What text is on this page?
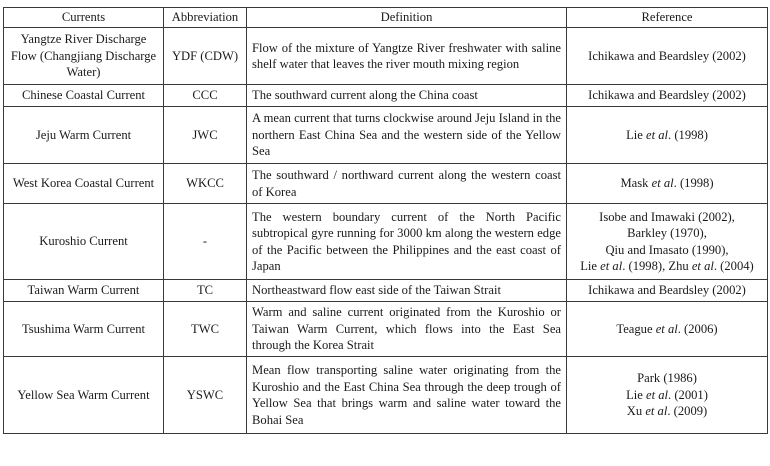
Currents	Abbreviation	Definition	Reference
Yangtze River Discharge Flow (Changjiang Discharge Water)	YDF (CDW)	Flow of the mixture of Yangtze River freshwater with saline shelf water that leaves the river mouth mixing region	Ichikawa and Beardsley (2002)

Chinese Coastal Current	CCC	The southward current along the China coast	Ichikawa and Beardsley (2002)

Jeju Warm Current	JWC	A mean current that turns clockwise around Jeju Island in the northern East China Sea and the western side of the Yellow Sea	Lie et al. (1998)

West Korea Coastal Current	WKCC	The southward / northward current along the western coast of Korea	Mask et al. (1998)

Kuroshio Current	-	The western boundary current of the North Pacific subtropical gyre running for 3000 km along the western edge of the Pacific between the Philippines and the east coast of Japan	Isobe and Imawaki (2002),
Barkley (1970),
Qiu and Imasato (1990),
Lie et al. (1998), Zhu et al. (2004)

Taiwan Warm Current	TC	Northeastward flow east side of the Taiwan Strait	Ichikawa and Beardsley (2002)

Tsushima Warm Current	TWC	Warm and saline current originated from the Kuroshio or Taiwan Warm Current, which flows into the East Sea through the Korea Strait	Teague et al. (2006)

Yellow Sea Warm Current	YSWC	Mean flow transporting saline water originating from the Kuroshio and the East China Sea through the deep trough of Yellow Sea that brings warm and saline water toward the Bohai Sea	Park (1986)
Lie et al. (2001)
Xu et al. (2009)
